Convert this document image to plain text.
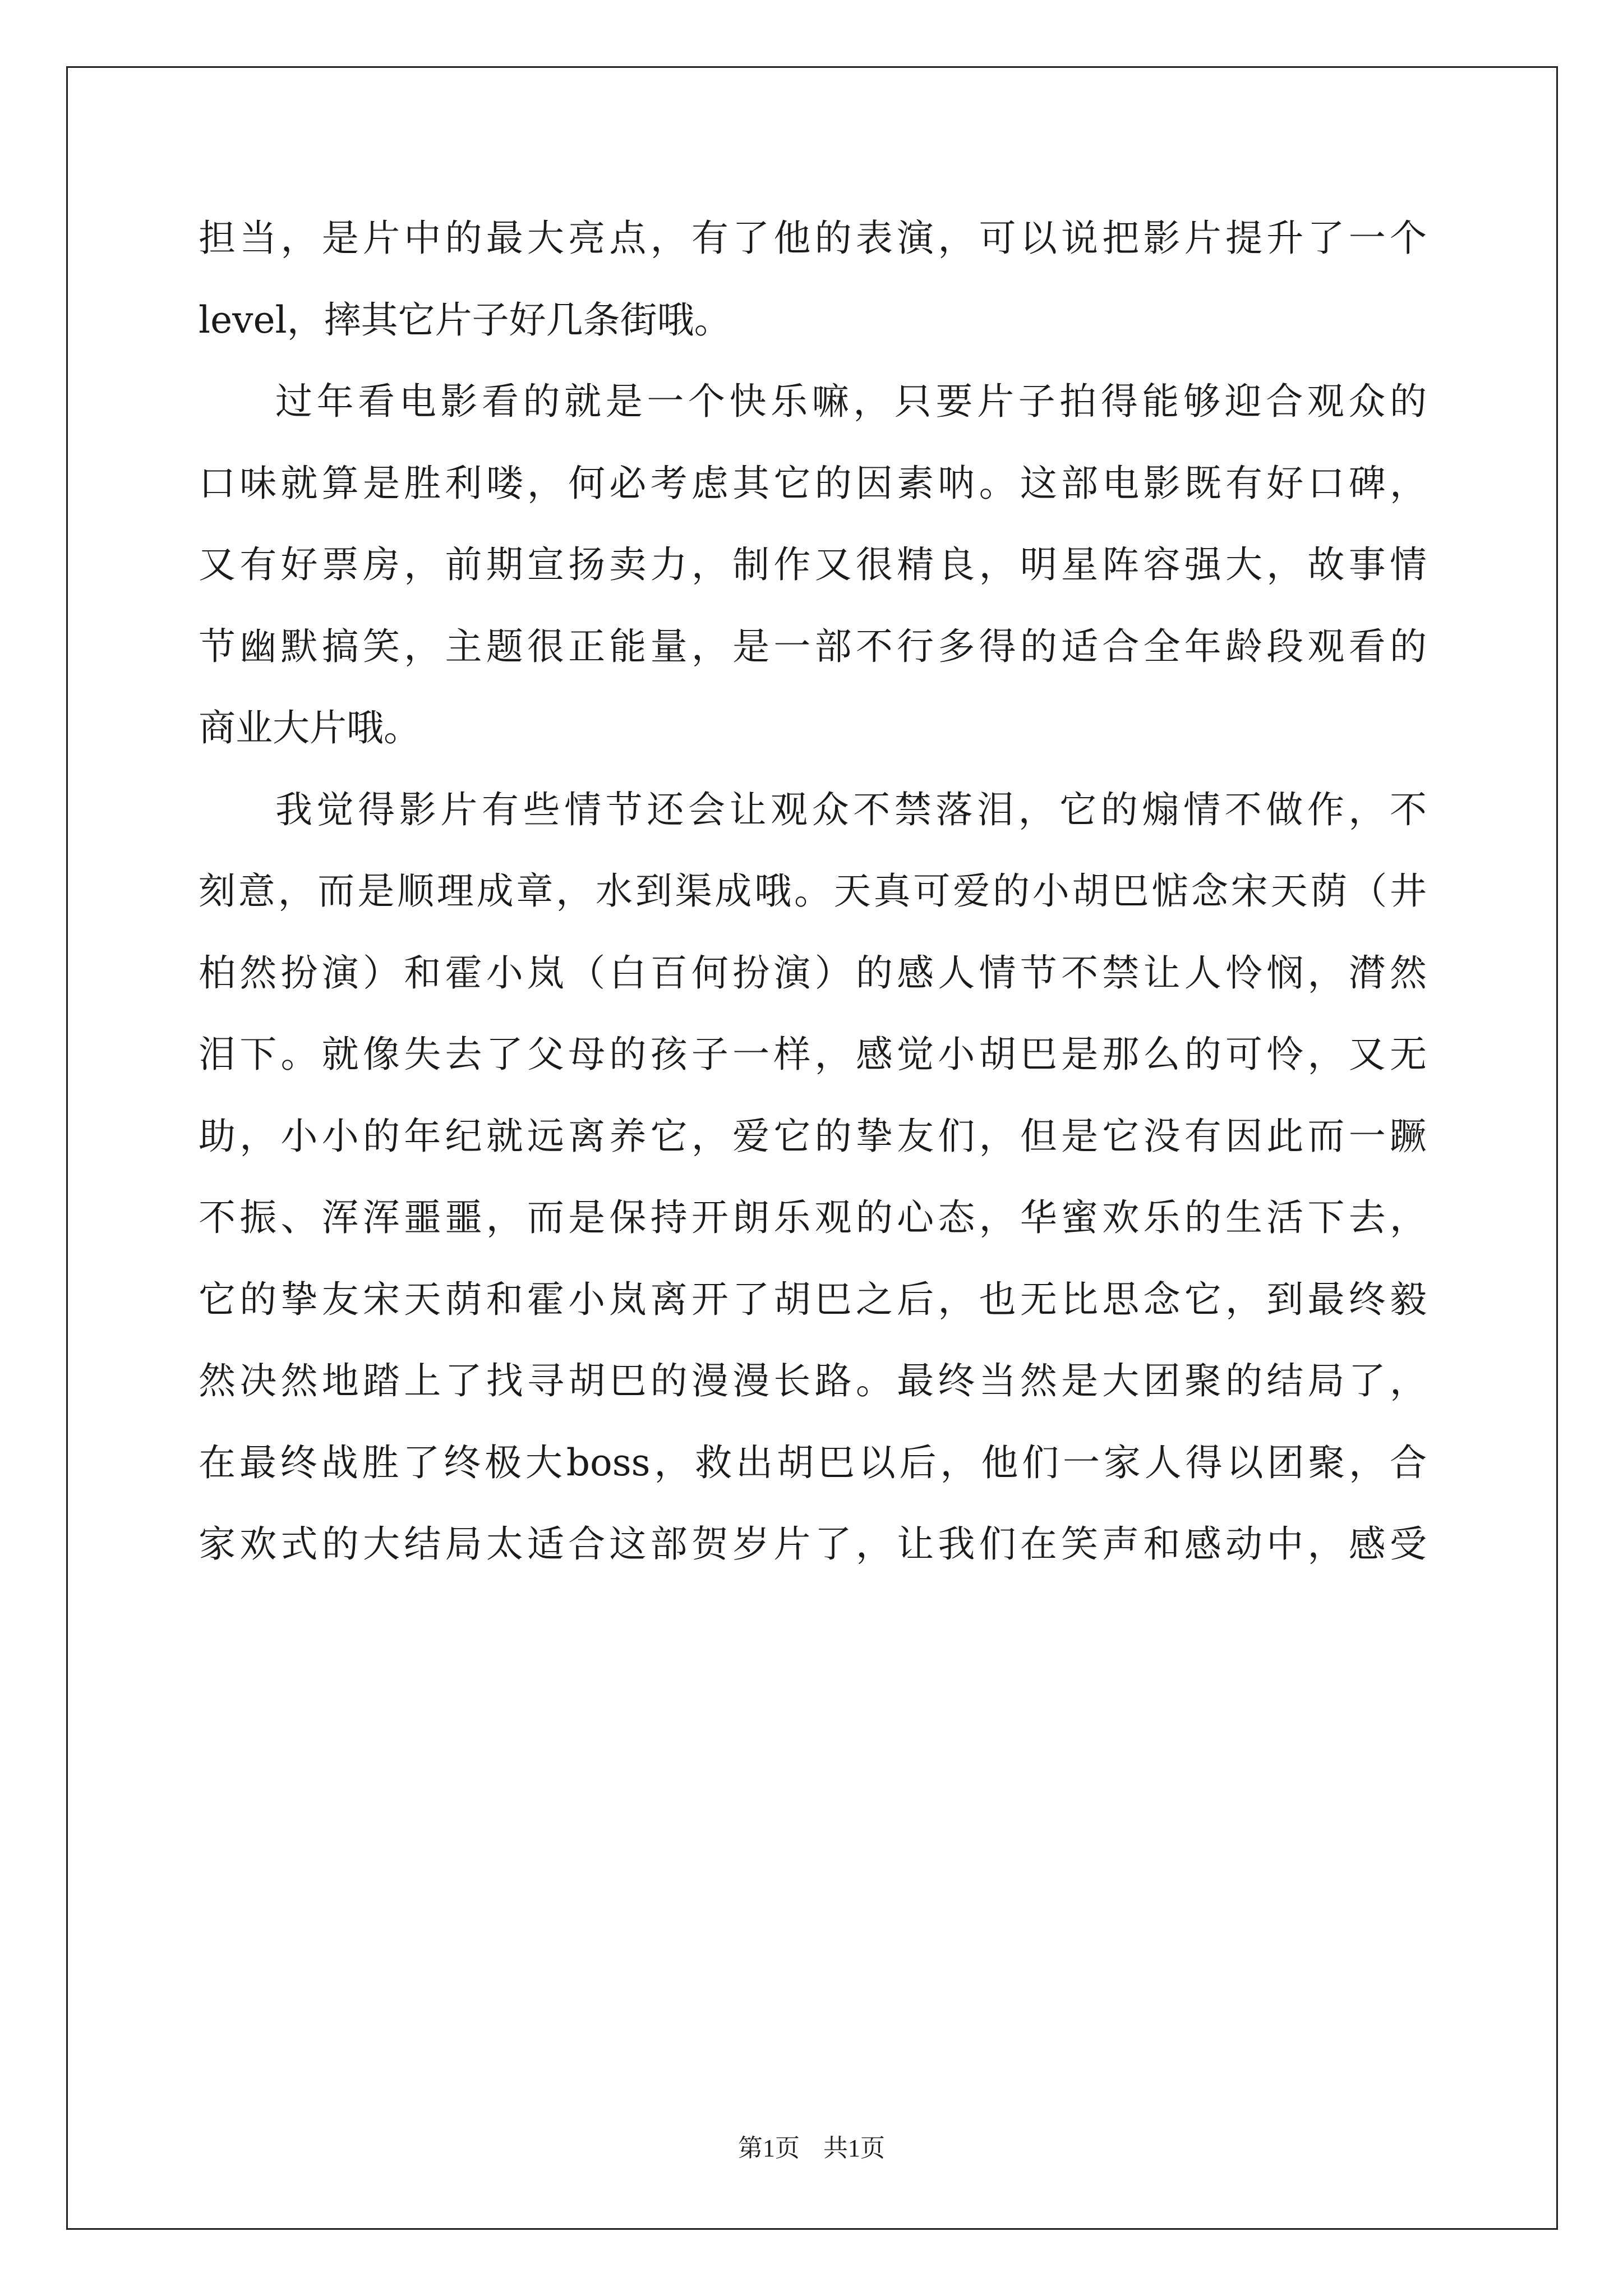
担当，是片中的最大亮点，有了他的表演，可以说把影片提升了一个
level，摔其它片子好几条街哦。
过年看电影看的就是一个快乐嘛，只要片子拍得能够迎合观众的
口味就算是胜利喽，何必考虑其它的因素呐。这部电影既有好口碑，
又有好票房，前期宣扬卖力，制作又很精良，明星阵容强大，故事情
节幽默搞笑，主题很正能量，是一部不行多得的适合全年龄段观看的
商业大片哦。
我觉得影片有些情节还会让观众不禁落泪，它的煽情不做作，不
刻意，而是顺理成章，水到渠成哦。天真可爱的小胡巴惦念宋天荫（井
柏然扮演）和霍小岚（白百何扮演）的感人情节不禁让人怜悯，潸然
泪下。就像失去了父母的孩子一样，感觉小胡巴是那么的可怜，又无
助，小小的年纪就远离养它，爱它的挚友们，但是它没有因此而一蹶
不振、浑浑噩噩，而是保持开朗乐观的心态，华蜜欢乐的生活下去，
它的挚友宋天荫和霍小岚离开了胡巴之后，也无比思念它，到最终毅
然决然地踏上了找寻胡巴的漫漫长路。最终当然是大团聚的结局了，
在最终战胜了终极大boss，救出胡巴以后，他们一家人得以团聚，合
家欢式的大结局太适合这部贺岁片了，让我们在笑声和感动中，感受
第1页 共1页
